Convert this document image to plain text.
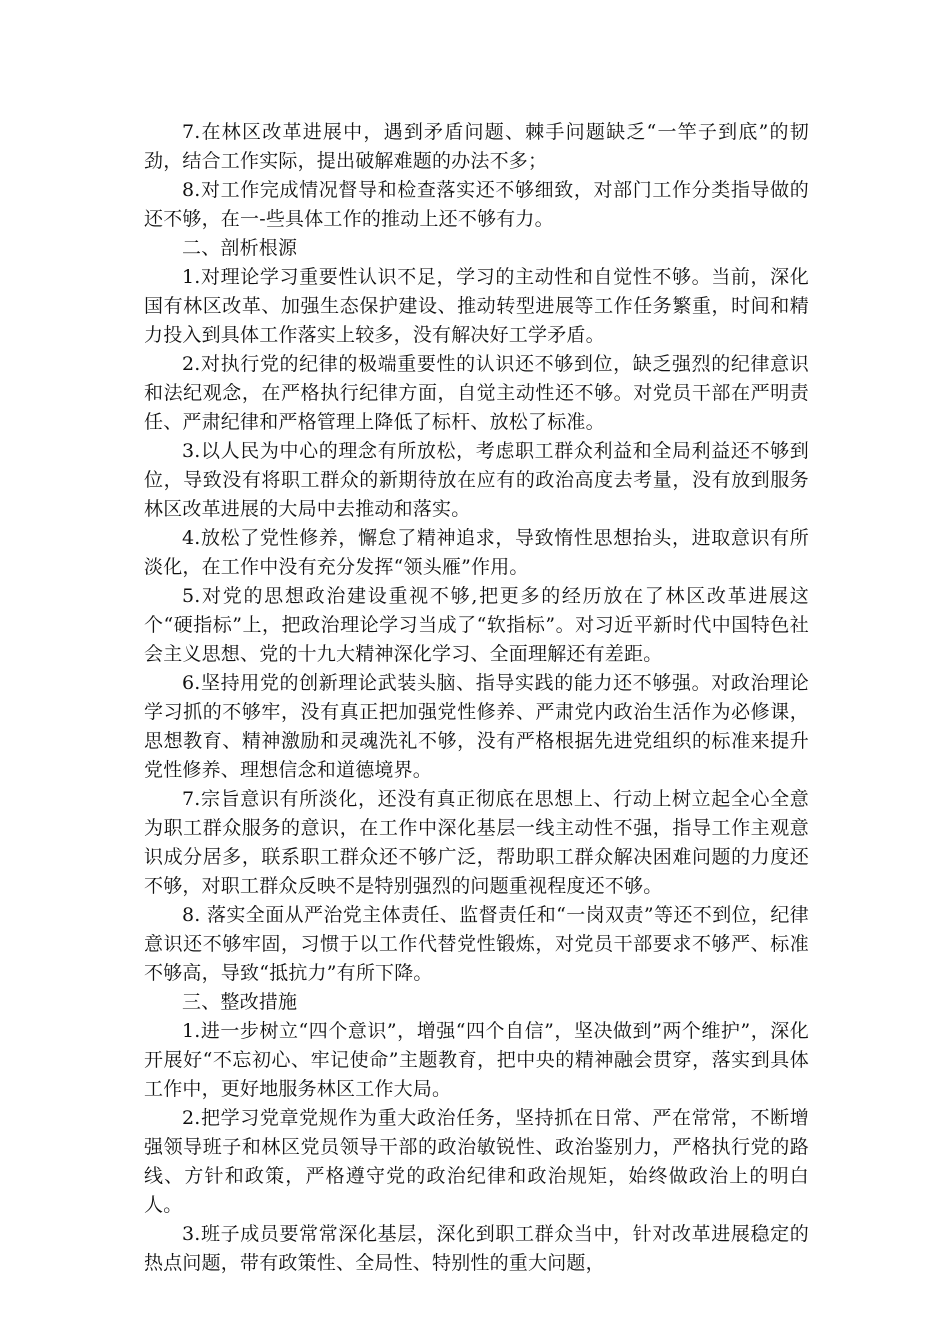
7.在林区改革进展中，遇到矛盾问题、棘手问题缺乏“一竿子到底”的韧劲，结合工作实际，提出破解难题的办法不多；

8.对工作完成情况督导和检查落实还不够细致，对部门工作分类指导做的还不够，在一-些具体工作的推动上还不够有力。

二、剖析根源

1.对理论学习重要性认识不足，学习的主动性和自觉性不够。当前，深化国有林区改革、加强生态保护建设、推动转型进展等工作任务繁重，时间和精力投入到具体工作落实上较多，没有解决好工学矛盾。

2.对执行党的纪律的极端重要性的认识还不够到位，缺乏强烈的纪律意识和法纪观念，在严格执行纪律方面，自觉主动性还不够。对党员干部在严明责任、严肃纪律和严格管理上降低了标杆、放松了标准。

3.以人民为中心的理念有所放松，考虑职工群众利益和全局利益还不够到位，导致没有将职工群众的新期待放在应有的政治高度去考量，没有放到服务林区改革进展的大局中去推动和落实。

4.放松了党性修养，懈怠了精神追求，导致惰性思想抬头，进取意识有所淡化，在工作中没有充分发挥“领头雁”作用。

5.对党的思想政治建设重视不够,把更多的经历放在了林区改革进展这个“硬指标”上，把政治理论学习当成了“软指标”。对习近平新时代中国特色社会主义思想、党的十九大精神深化学习、全面理解还有差距。

6.坚持用党的创新理论武装头脑、指导实践的能力还不够强。对政治理论学习抓的不够牢，没有真正把加强党性修养、严肃党内政治生活作为必修课，思想教育、精神激励和灵魂洗礼不够，没有严格根据先进党组织的标准来提升党性修养、理想信念和道德境界。

7.宗旨意识有所淡化，还没有真正彻底在思想上、行动上树立起全心全意为职工群众服务的意识，在工作中深化基层一线主动性不强，指导工作主观意识成分居多，联系职工群众还不够广泛，帮助职工群众解决困难问题的力度还不够，对职工群众反映不是特别强烈的问题重视程度还不够。

8. 落实全面从严治党主体责任、监督责任和“一岗双责”等还不到位，纪律意识还不够牢固，习惯于以工作代替党性锻炼，对党员干部要求不够严、标准不够高，导致“抵抗力”有所下降。

三、整改措施

1.进一步树立“四个意识”，增强“四个自信”，坚决做到”两个维护”，深化开展好“不忘初心、牢记使命”主题教育，把中央的精神融会贯穿，落实到具体工作中，更好地服务林区工作大局。

2.把学习党章党规作为重大政治任务，坚持抓在日常、严在常常，不断增强领导班子和林区党员领导干部的政治敏锐性、政治鉴别力，严格执行党的路线、方针和政策，严格遵守党的政治纪律和政治规矩，始终做政治上的明白人。

3.班子成员要常常深化基层，深化到职工群众当中，针对改革进展稳定的热点问题，带有政策性、全局性、特别性的重大问题，
